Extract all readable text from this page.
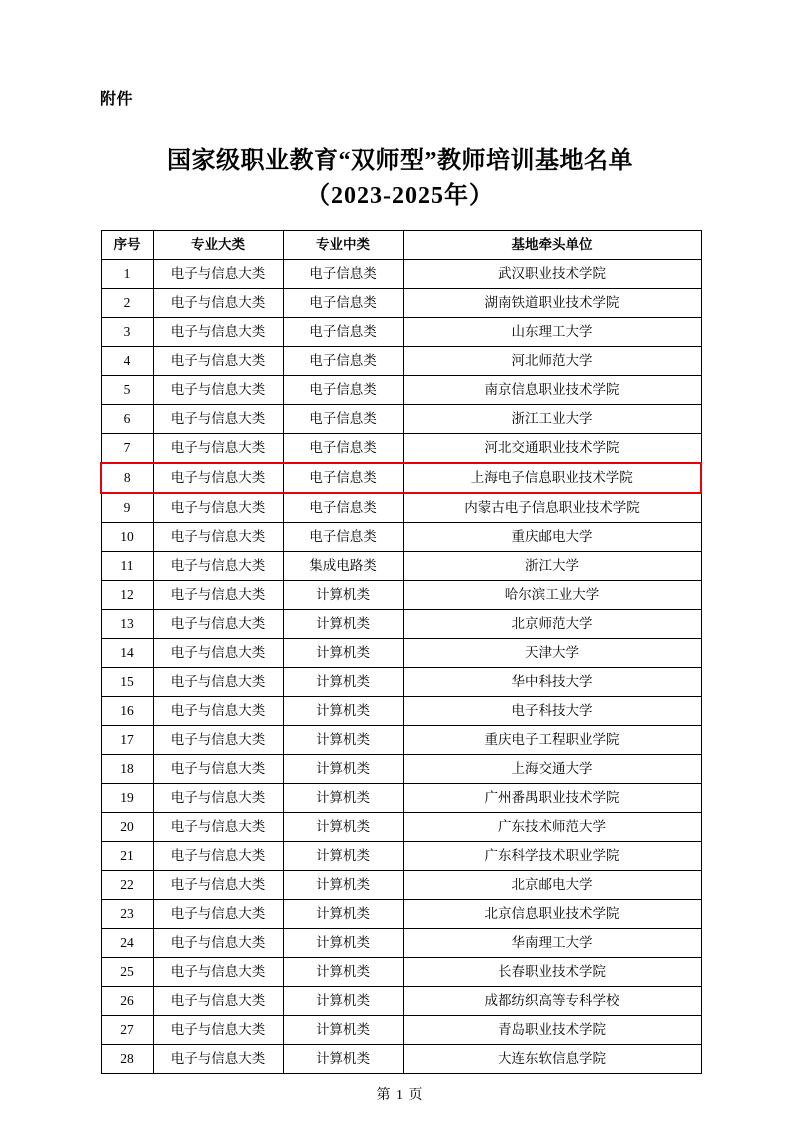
附件
国家级职业教育“双师型”教师培训基地名单
（2023-2025年）
序号	专业大类	专业中类	基地牵头单位
1	电子与信息大类	电子信息类	武汉职业技术学院
2	电子与信息大类	电子信息类	湖南铁道职业技术学院
3	电子与信息大类	电子信息类	山东理工大学
4	电子与信息大类	电子信息类	河北师范大学
5	电子与信息大类	电子信息类	南京信息职业技术学院
6	电子与信息大类	电子信息类	浙江工业大学
7	电子与信息大类	电子信息类	河北交通职业技术学院
8	电子与信息大类	电子信息类	上海电子信息职业技术学院
9	电子与信息大类	电子信息类	内蒙古电子信息职业技术学院
10	电子与信息大类	电子信息类	重庆邮电大学
11	电子与信息大类	集成电路类	浙江大学
12	电子与信息大类	计算机类	哈尔滨工业大学
13	电子与信息大类	计算机类	北京师范大学
14	电子与信息大类	计算机类	天津大学
15	电子与信息大类	计算机类	华中科技大学
16	电子与信息大类	计算机类	电子科技大学
17	电子与信息大类	计算机类	重庆电子工程职业学院
18	电子与信息大类	计算机类	上海交通大学
19	电子与信息大类	计算机类	广州番禺职业技术学院
20	电子与信息大类	计算机类	广东技术师范大学
21	电子与信息大类	计算机类	广东科学技术职业学院
22	电子与信息大类	计算机类	北京邮电大学
23	电子与信息大类	计算机类	北京信息职业技术学院
24	电子与信息大类	计算机类	华南理工大学
25	电子与信息大类	计算机类	长春职业技术学院
26	电子与信息大类	计算机类	成都纺织高等专科学校
27	电子与信息大类	计算机类	青岛职业技术学院
28	电子与信息大类	计算机类	大连东软信息学院
第 1 页
